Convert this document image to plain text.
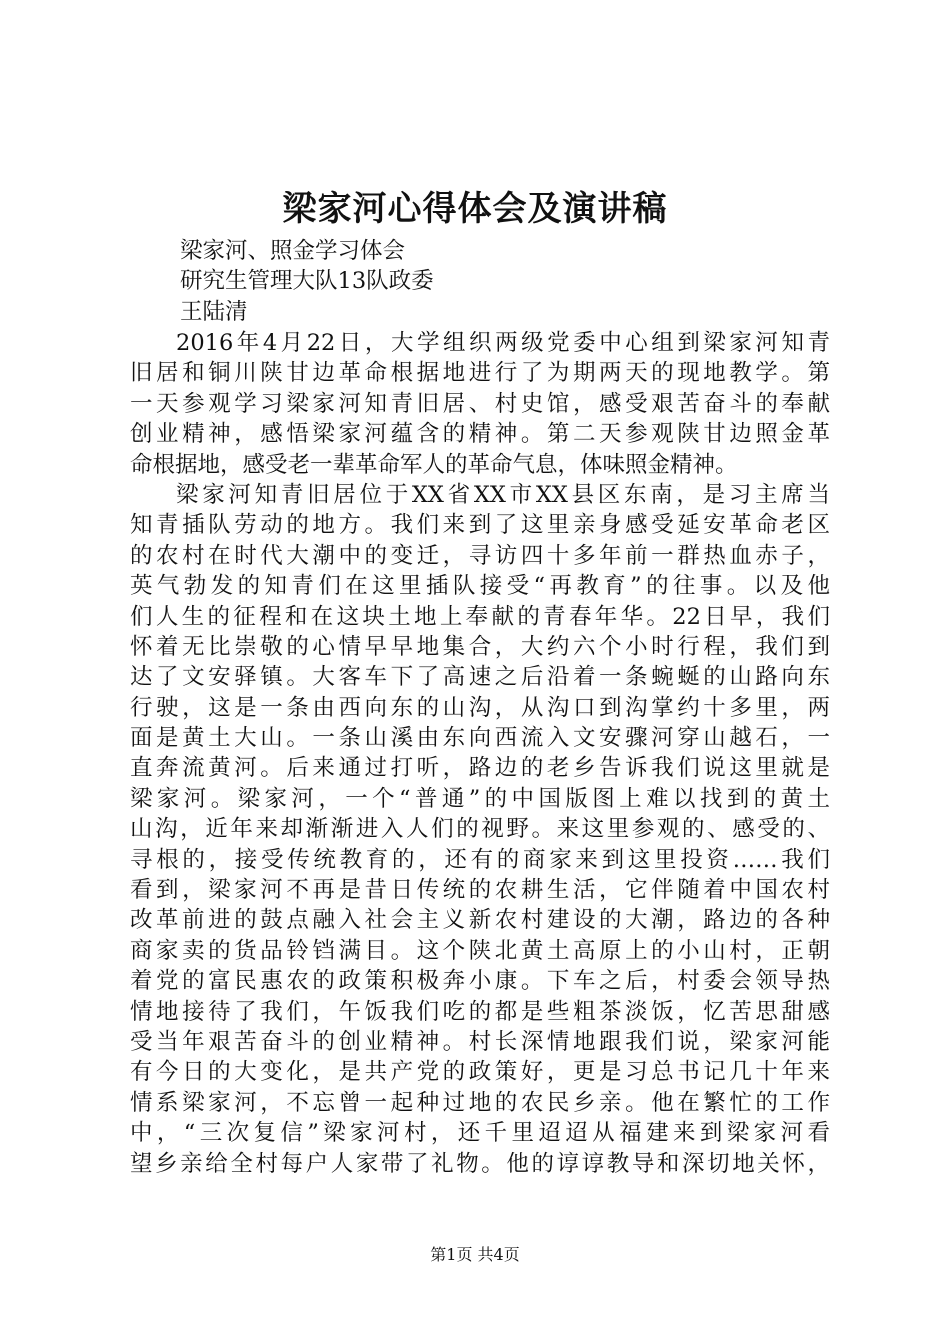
梁家河心得体会及演讲稿
梁家河、照金学习体会
研究生管理大队13队政委
王陆清
2016年4月22日，大学组织两级党委中心组到梁家河知青
旧居和铜川陕甘边革命根据地进行了为期两天的现地教学。第
一天参观学习梁家河知青旧居、村史馆，感受艰苦奋斗的奉献
创业精神，感悟梁家河蕴含的精神。第二天参观陕甘边照金革
命根据地，感受老一辈革命军人的革命气息，体味照金精神。
梁家河知青旧居位于XX省XX市XX县区东南，是习主席当
知青插队劳动的地方。我们来到了这里亲身感受延安革命老区
的农村在时代大潮中的变迁，寻访四十多年前一群热血赤子，
英气勃发的知青们在这里插队接受“再教育”的往事。以及他
们人生的征程和在这块土地上奉献的青春年华。22日早，我们
怀着无比崇敬的心情早早地集合，大约六个小时行程，我们到
达了文安驿镇。大客车下了高速之后沿着一条蜿蜒的山路向东
行驶，这是一条由西向东的山沟，从沟口到沟掌约十多里，两
面是黄土大山。一条山溪由东向西流入文安骤河穿山越石，一
直奔流黄河。后来通过打听，路边的老乡告诉我们说这里就是
梁家河。梁家河，一个“普通”的中国版图上难以找到的黄土
山沟，近年来却渐渐进入人们的视野。来这里参观的、感受的、
寻根的，接受传统教育的，还有的商家来到这里投资……我们
看到，梁家河不再是昔日传统的农耕生活，它伴随着中国农村
改革前进的鼓点融入社会主义新农村建设的大潮，路边的各种
商家卖的货品铃铛满目。这个陕北黄土高原上的小山村，正朝
着党的富民惠农的政策积极奔小康。下车之后，村委会领导热
情地接待了我们，午饭我们吃的都是些粗茶淡饭，忆苦思甜感
受当年艰苦奋斗的创业精神。村长深情地跟我们说，梁家河能
有今日的大变化，是共产党的政策好，更是习总书记几十年来
情系梁家河，不忘曾一起种过地的农民乡亲。他在繁忙的工作
中，“三次复信”梁家河村，还千里迢迢从福建来到梁家河看
望乡亲给全村每户人家带了礼物。他的谆谆教导和深切地关怀，
第1页 共4页
